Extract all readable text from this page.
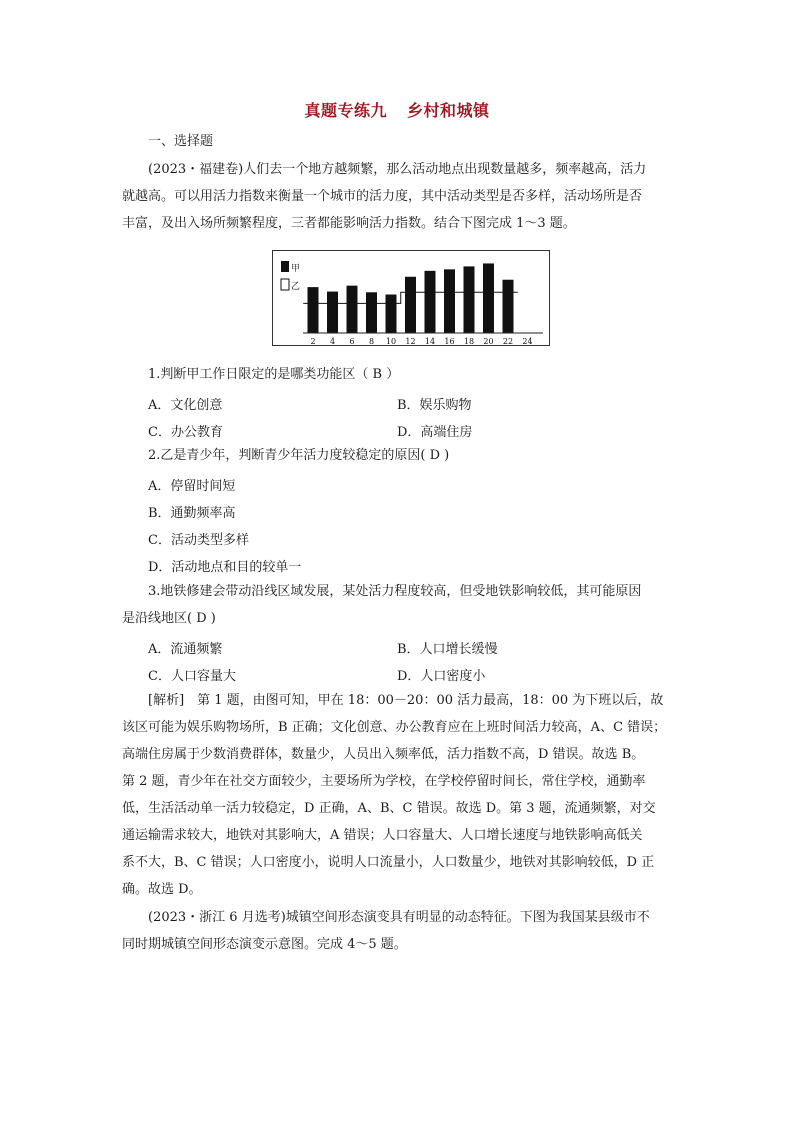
真题专练九 乡村和城镇
一、选择题
(2023・福建卷)人们去一个地方越频繁，那么活动地点出现数量越多，频率越高，活力
就越高。可以用活力指数来衡量一个城市的活力度，其中活动类型是否多样，活动场所是否
丰富，及出入场所频繁程度，三者都能影响活力指数。结合下图完成 1～3 题。
甲
乙
2 4 6 8 10 12 14 16 18 20 22 24
1.判断甲工作日限定的是哪类功能区（ B ）
A．文化创意	B．娱乐购物
C．办公教育	D．高端住房
2.乙是青少年，判断青少年活力度较稳定的原因( D )
A．停留时间短
B．通勤频率高
C．活动类型多样
D．活动地点和目的较单一
3.地铁修建会带动沿线区域发展，某处活力程度较高，但受地铁影响较低，其可能原因
是沿线地区( D )
A．流通频繁	B．人口增长缓慢
C．人口容量大	D．人口密度小
[解析]　第 1 题，由图可知，甲在 18：00－20：00 活力最高，18：00 为下班以后，故
该区可能为娱乐购物场所，B 正确；文化创意、办公教育应在上班时间活力较高，A、C 错误；
高端住房属于少数消费群体，数量少，人员出入频率低，活力指数不高，D 错误。故选 B。
第 2 题，青少年在社交方面较少，主要场所为学校，在学校停留时间长，常住学校，通勤率
低，生活活动单一活力较稳定，D 正确，A、B、C 错误。故选 D。第 3 题，流通频繁，对交
通运输需求较大，地铁对其影响大，A 错误；人口容量大、人口增长速度与地铁影响高低关
系不大，B、C 错误；人口密度小，说明人口流量小，人口数量少，地铁对其影响较低，D 正
确。故选 D。
(2023・浙江 6 月选考)城镇空间形态演变具有明显的动态特征。下图为我国某县级市不
同时期城镇空间形态演变示意图。完成 4～5 题。
